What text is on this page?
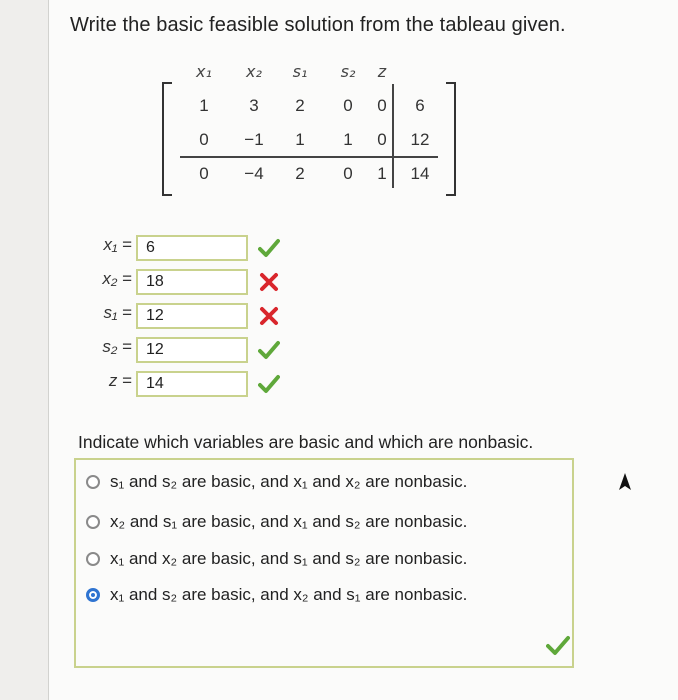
Write the basic feasible solution from the tableau given.
x₁	x₂	s₁	s₂	z
1	3	2	0	0	6
0	−1	1	1	0	12
0	−4	2	0	1	14
x₁ = 6
x₂ = 18
s₁ = 12
s₂ = 12
z = 14
Indicate which variables are basic and which are nonbasic.
s₁ and s₂ are basic, and x₁ and x₂ are nonbasic.
x₂ and s₁ are basic, and x₁ and s₂ are nonbasic.
x₁ and x₂ are basic, and s₁ and s₂ are nonbasic.
x₁ and s₂ are basic, and x₂ and s₁ are nonbasic.
